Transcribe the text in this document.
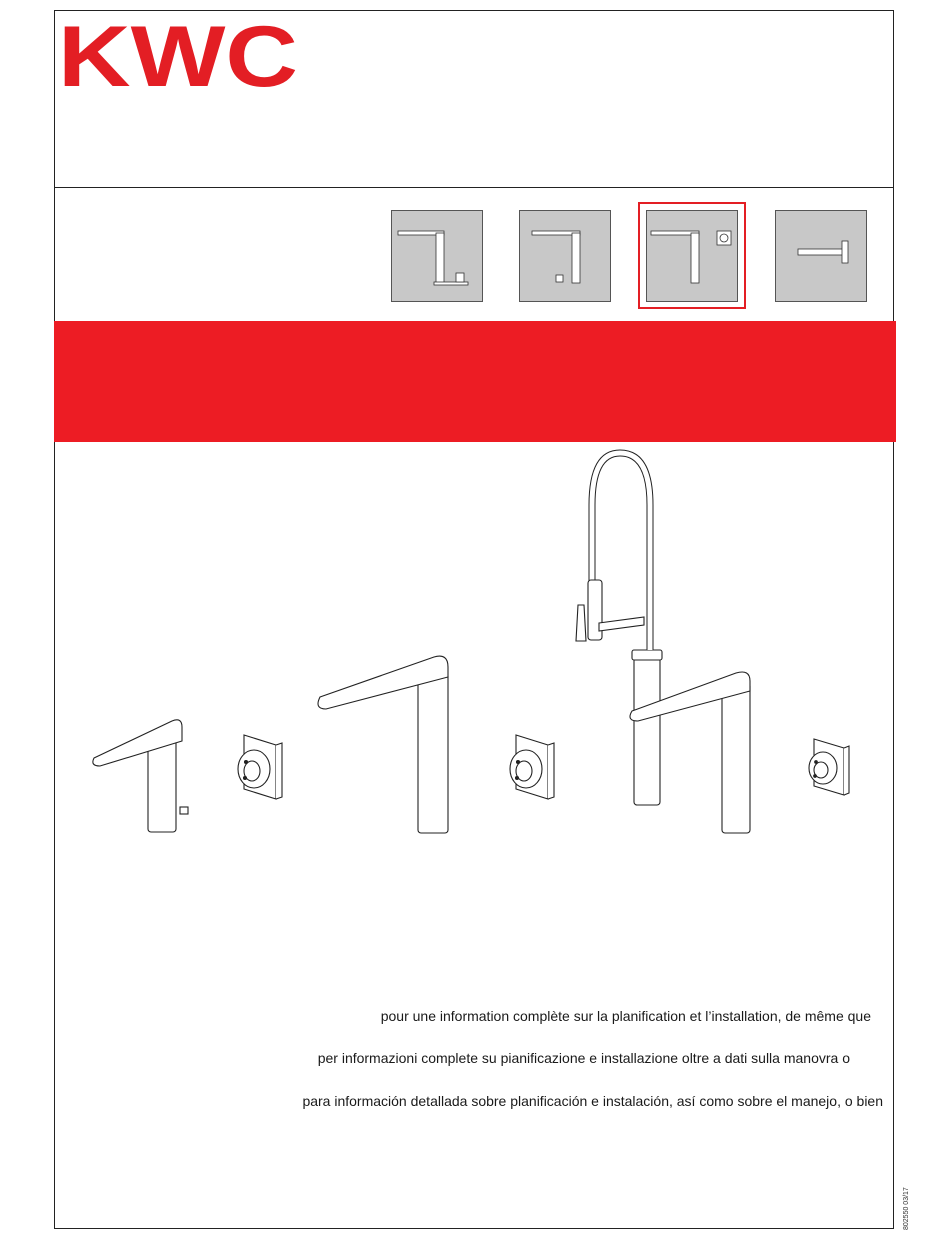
KWC
pour une information complète sur la planification et l’installation, de même que
per informazioni complete su pianificazione e installazione oltre a dati sulla manovra o
para información detallada sobre planificación e instalación, así como sobre el manejo, o bien
802550 03/17
